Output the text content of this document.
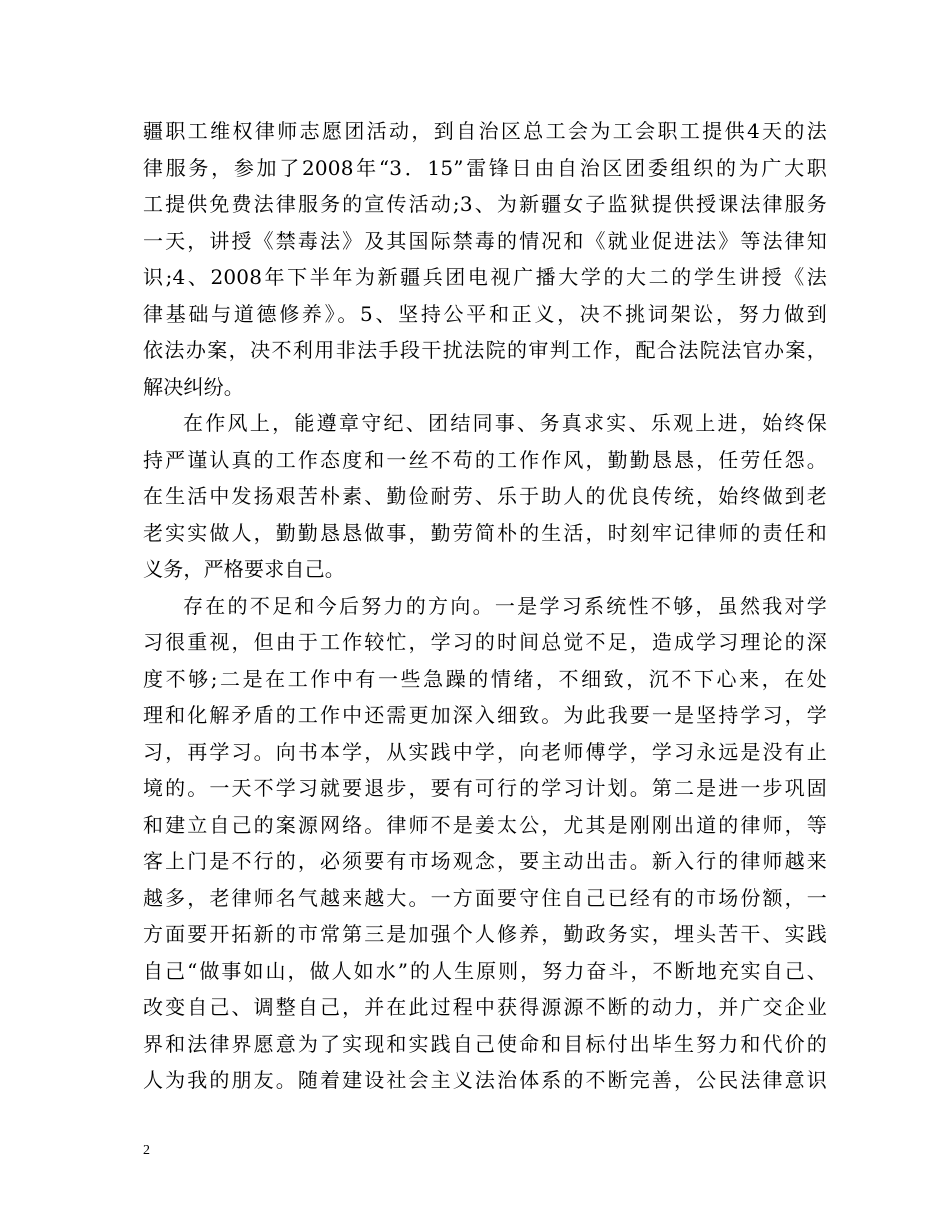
疆职工维权律师志愿团活动，到自治区总工会为工会职工提供4天的法
律服务，参加了2008年“3．15”雷锋日由自治区团委组织的为广大职
工提供免费法律服务的宣传活动;3、为新疆女子监狱提供授课法律服务
一天，讲授《禁毒法》及其国际禁毒的情况和《就业促进法》等法律知
识;4、2008年下半年为新疆兵团电视广播大学的大二的学生讲授《法
律基础与道德修养》。5、坚持公平和正义，决不挑词架讼，努力做到
依法办案，决不利用非法手段干扰法院的审判工作，配合法院法官办案，
解决纠纷。
在作风上，能遵章守纪、团结同事、务真求实、乐观上进，始终保
持严谨认真的工作态度和一丝不苟的工作作风，勤勤恳恳，任劳任怨。
在生活中发扬艰苦朴素、勤俭耐劳、乐于助人的优良传统，始终做到老
老实实做人，勤勤恳恳做事，勤劳简朴的生活，时刻牢记律师的责任和
义务，严格要求自己。
存在的不足和今后努力的方向。一是学习系统性不够，虽然我对学
习很重视，但由于工作较忙，学习的时间总觉不足，造成学习理论的深
度不够;二是在工作中有一些急躁的情绪，不细致，沉不下心来，在处
理和化解矛盾的工作中还需更加深入细致。为此我要一是坚持学习，学
习，再学习。向书本学，从实践中学，向老师傅学，学习永远是没有止
境的。一天不学习就要退步，要有可行的学习计划。第二是进一步巩固
和建立自己的案源网络。律师不是姜太公，尤其是刚刚出道的律师，等
客上门是不行的，必须要有市场观念，要主动出击。新入行的律师越来
越多，老律师名气越来越大。一方面要守住自己已经有的市场份额，一
方面要开拓新的市常第三是加强个人修养，勤政务实，埋头苦干、实践
自己“做事如山，做人如水”的人生原则，努力奋斗，不断地充实自己、
改变自己、调整自己，并在此过程中获得源源不断的动力，并广交企业
界和法律界愿意为了实现和实践自己使命和目标付出毕生努力和代价的
人为我的朋友。随着建设社会主义法治体系的不断完善，公民法律意识
2
